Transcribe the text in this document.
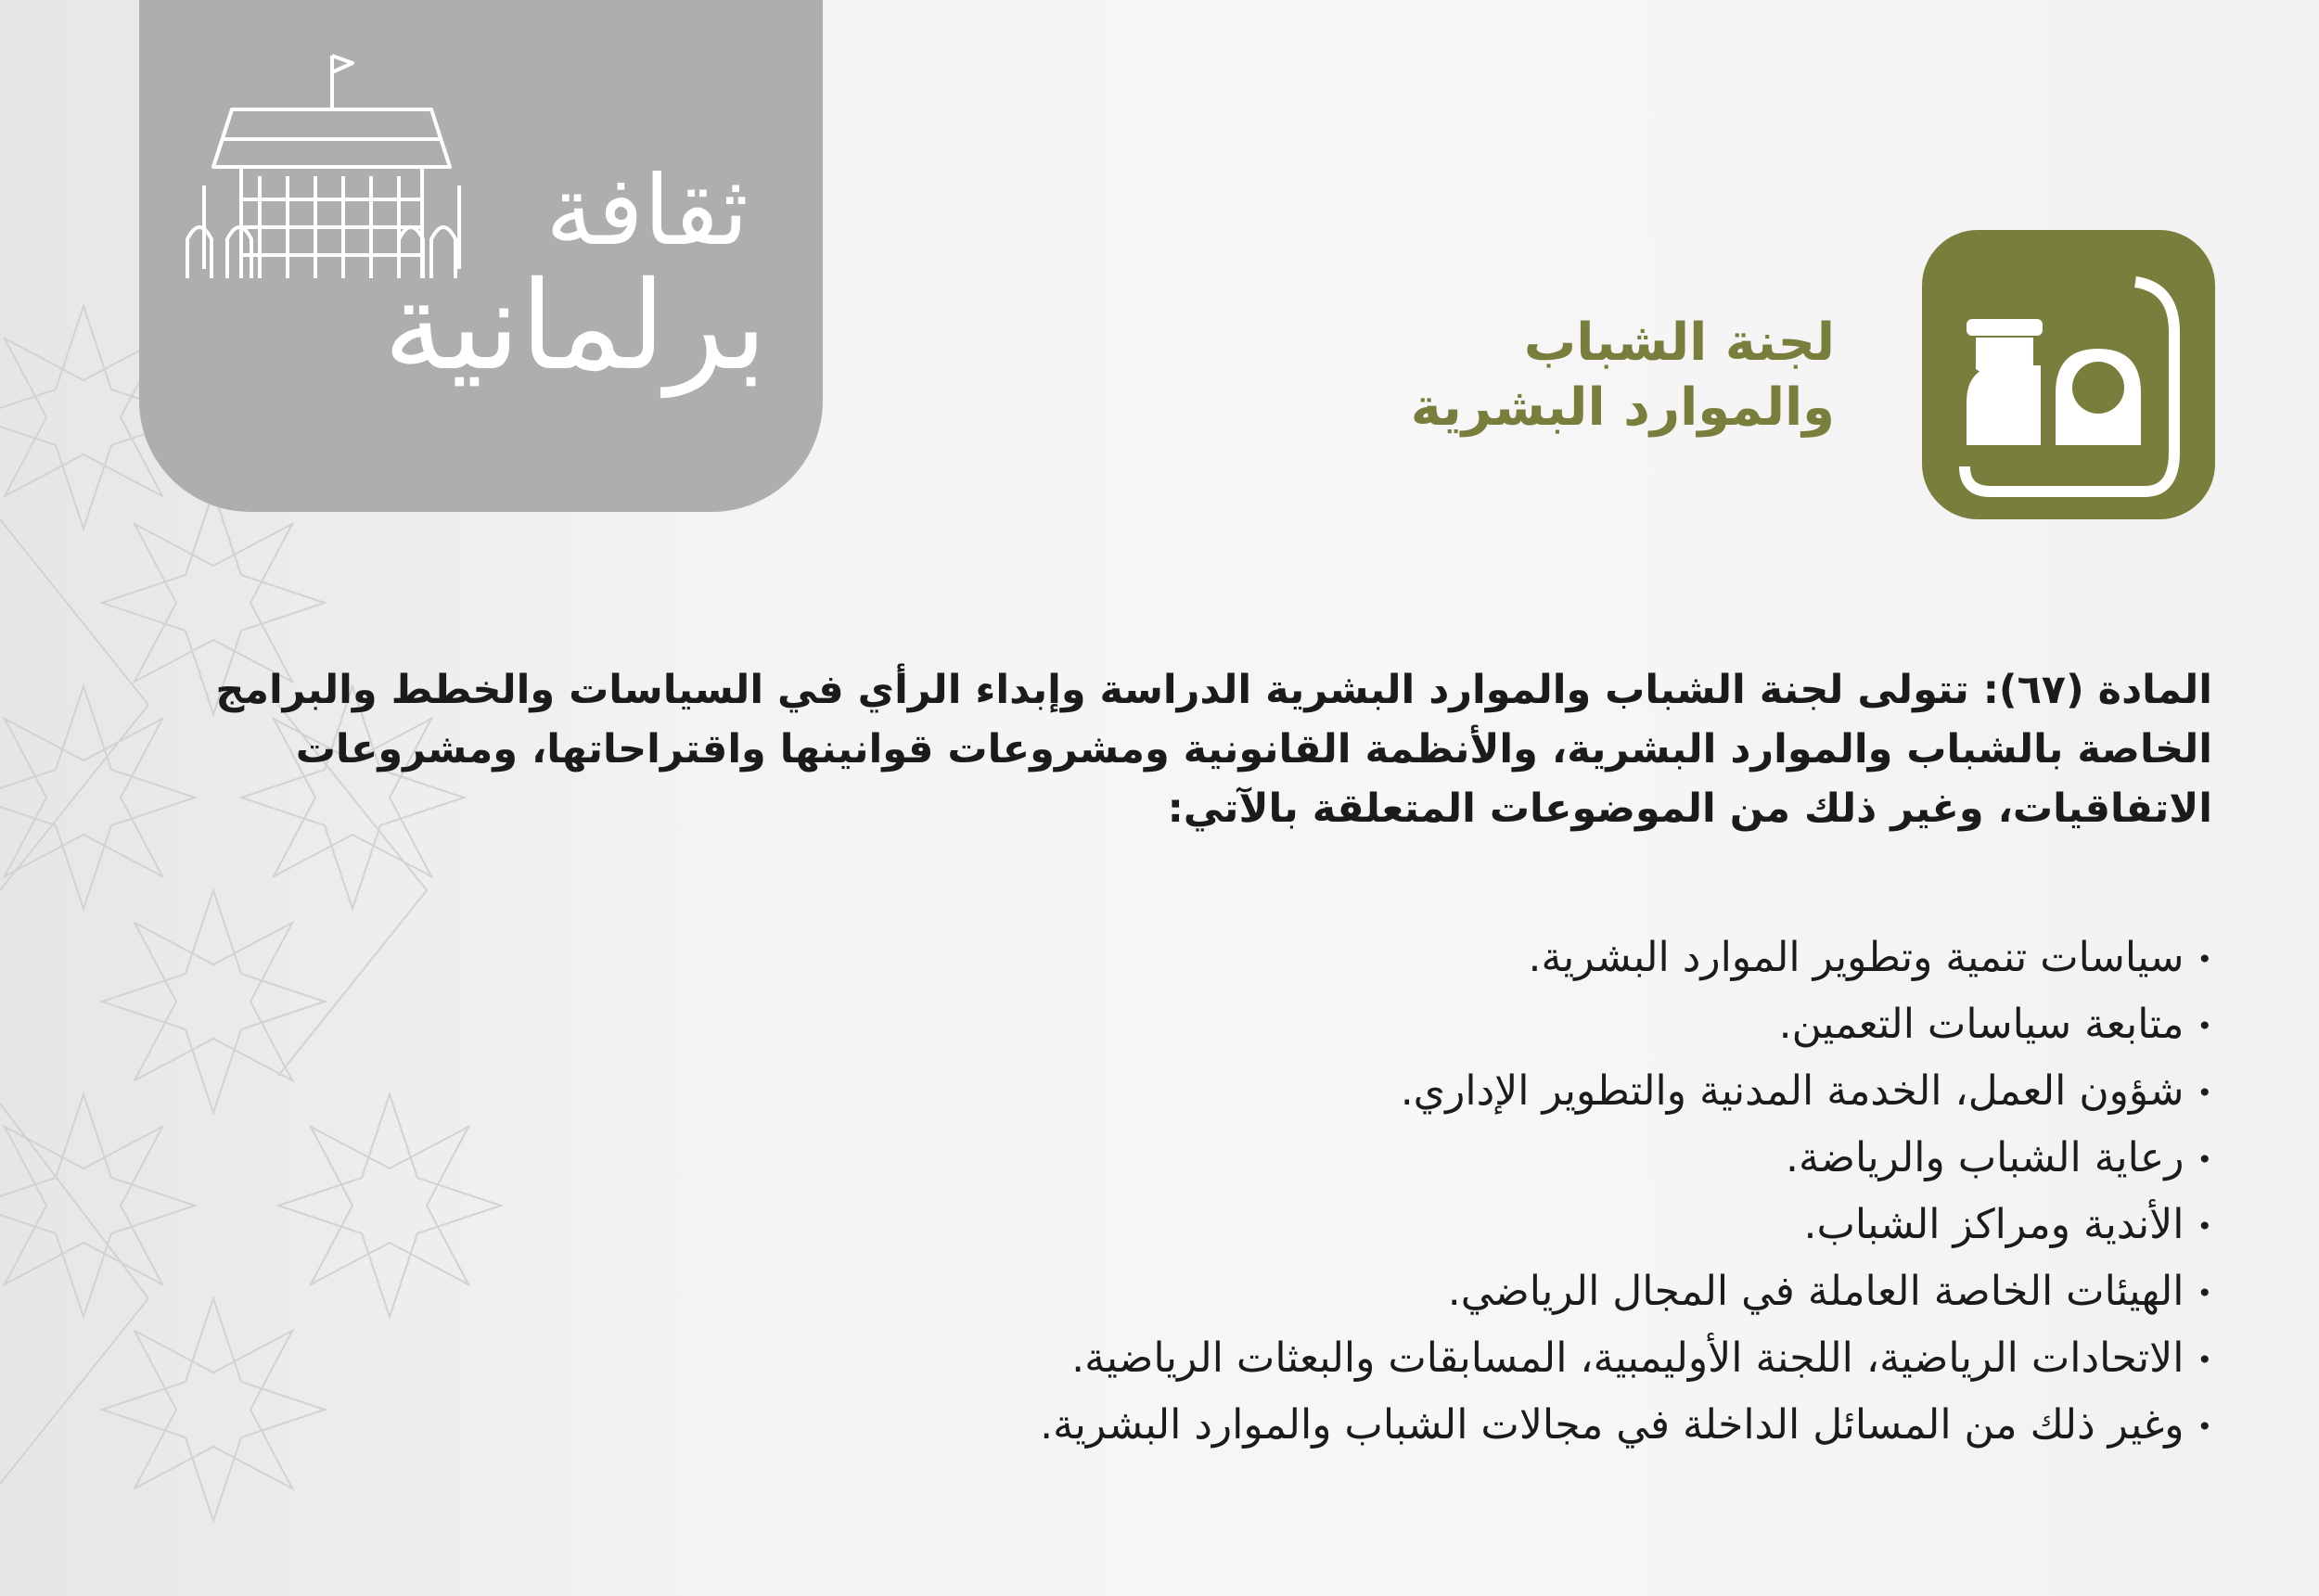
ثقافة
برلمانية	لجنة الشباب
والموارد البشرية
المادة (٦٧): تتولى لجنة الشباب والموارد البشرية الدراسة وإبداء الرأي في السياسات والخطط والبرامج الخاصة بالشباب والموارد البشرية، والأنظمة القانونية ومشروعات قوانينها واقتراحاتها، ومشروعات الاتفاقيات، وغير ذلك من الموضوعات المتعلقة بالآتي:
•سياسات تنمية وتطوير الموارد البشرية.
•متابعة سياسات التعمين.
•شؤون العمل، الخدمة المدنية والتطوير الإداري.
•رعاية الشباب والرياضة.
•الأندية ومراكز الشباب.
•الهيئات الخاصة العاملة في المجال الرياضي.
•الاتحادات الرياضية، اللجنة الأوليمبية، المسابقات والبعثات الرياضية.
•وغير ذلك من المسائل الداخلة في مجالات الشباب والموارد البشرية.
